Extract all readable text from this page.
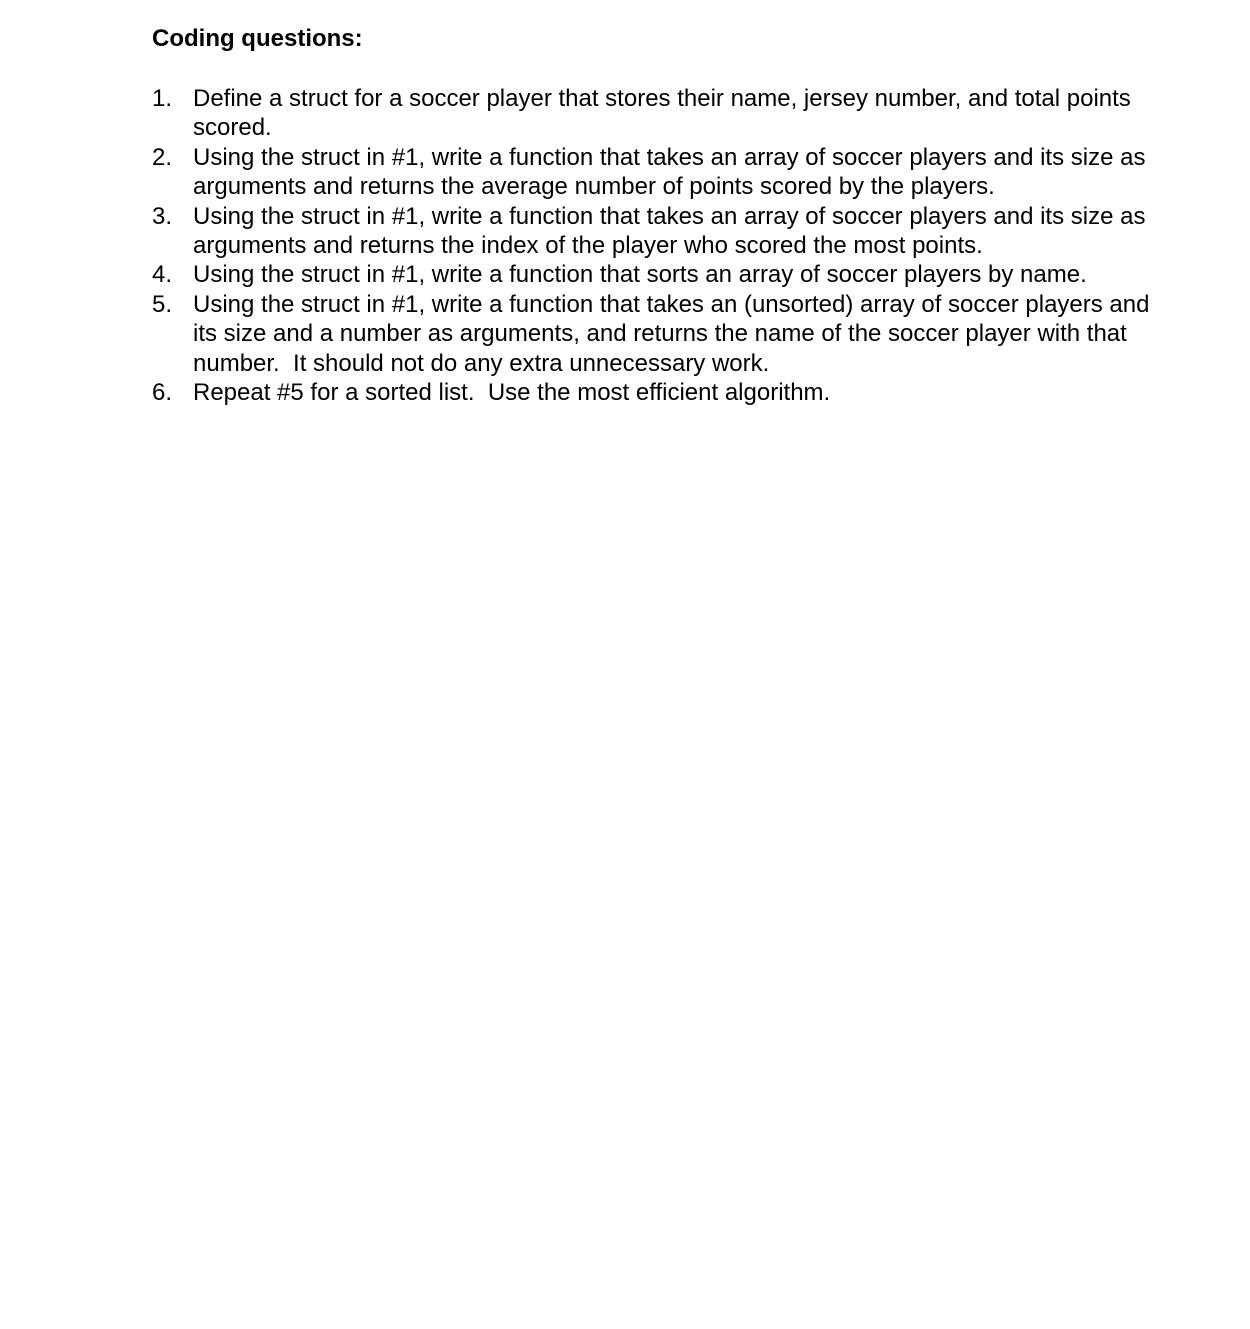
Coding questions:
1. Define a struct for a soccer player that stores their name, jersey number, and total points scored.
2. Using the struct in #1, write a function that takes an array of soccer players and its size as arguments and returns the average number of points scored by the players.
3. Using the struct in #1, write a function that takes an array of soccer players and its size as arguments and returns the index of the player who scored the most points.
4. Using the struct in #1, write a function that sorts an array of soccer players by name.
5. Using the struct in #1, write a function that takes an (unsorted) array of soccer players and its size and a number as arguments, and returns the name of the soccer player with that number.  It should not do any extra unnecessary work.
6. Repeat #5 for a sorted list.  Use the most efficient algorithm.
